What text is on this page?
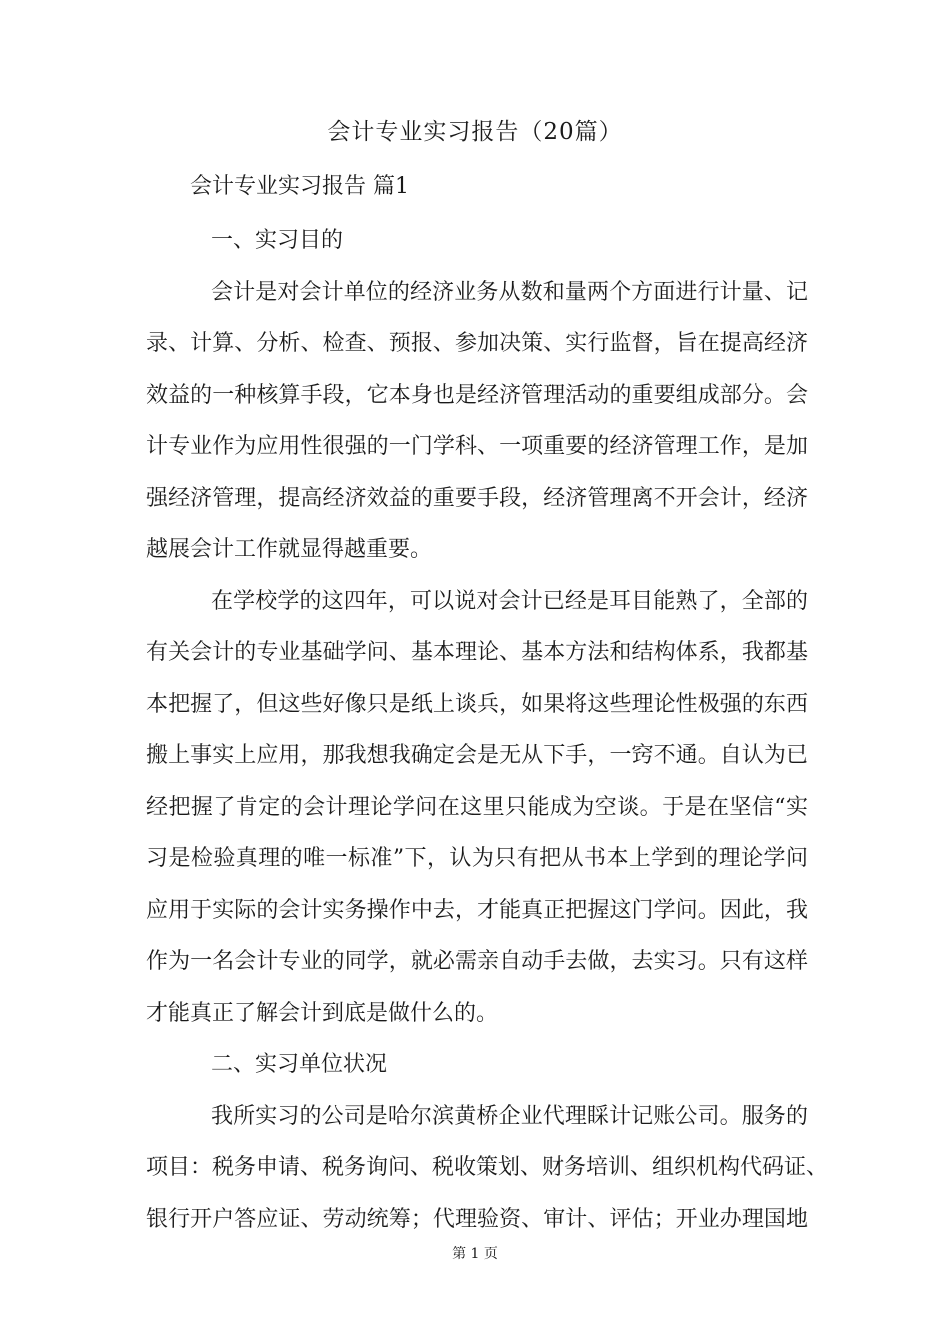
会计专业实习报告（20篇）
会计专业实习报告 篇1
一、实习目的
会计是对会计单位的经济业务从数和量两个方面进行计量、记
录、计算、分析、检查、预报、参加决策、实行监督，旨在提高经济
效益的一种核算手段，它本身也是经济管理活动的重要组成部分。会
计专业作为应用性很强的一门学科、一项重要的经济管理工作，是加
强经济管理，提高经济效益的重要手段，经济管理离不开会计，经济
越展会计工作就显得越重要。
在学校学的这四年，可以说对会计已经是耳目能熟了，全部的
有关会计的专业基础学问、基本理论、基本方法和结构体系，我都基
本把握了，但这些好像只是纸上谈兵，如果将这些理论性极强的东西
搬上事实上应用，那我想我确定会是无从下手，一窍不通。自认为已
经把握了肯定的会计理论学问在这里只能成为空谈。于是在坚信“实
习是检验真理的唯一标准”下，认为只有把从书本上学到的理论学问
应用于实际的会计实务操作中去，才能真正把握这门学问。因此，我
作为一名会计专业的同学，就必需亲自动手去做，去实习。只有这样
才能真正了解会计到底是做什么的。
二、实习单位状况
我所实习的公司是哈尔滨黄桥企业代理睬计记账公司。服务的
项目：税务申请、税务询问、税收策划、财务培训、组织机构代码证、
银行开户答应证、劳动统筹；代理验资、审计、评估；开业办理国地
第 1 页
